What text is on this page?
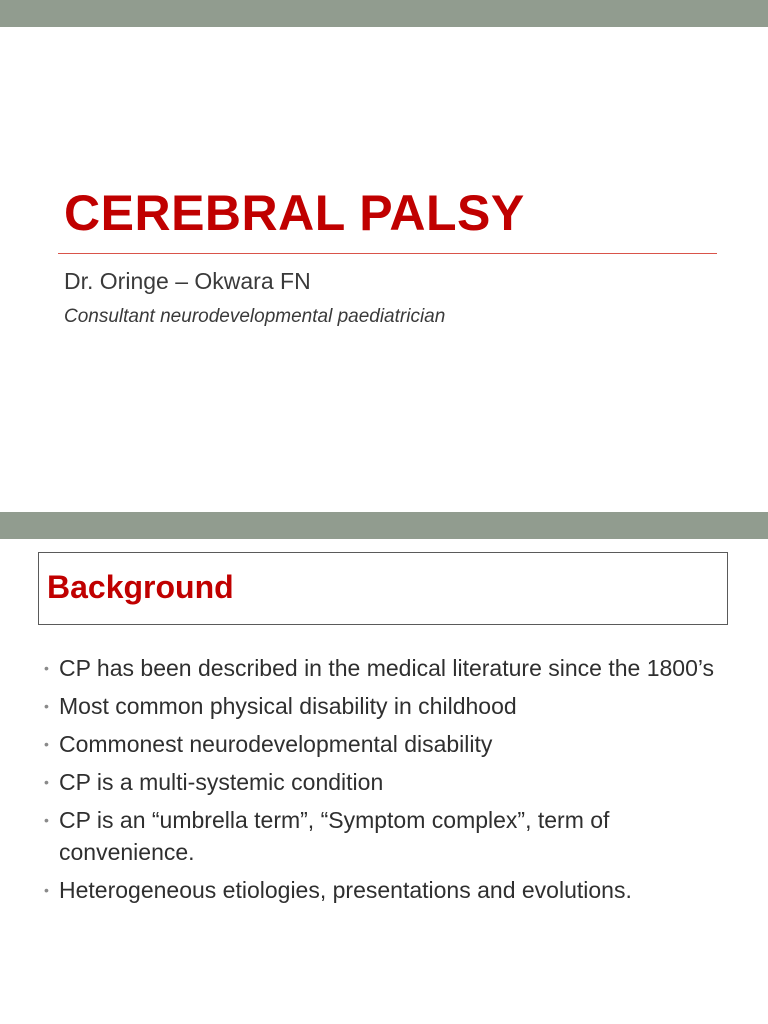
CEREBRAL PALSY

Dr. Oringe – Okwara FN

Consultant neurodevelopmental paediatrician

Background
• CP has been described in the medical literature since the 1800’s
• Most common physical disability in childhood
• Commonest neurodevelopmental disability
• CP is a multi-systemic condition
• CP is an “umbrella term”, “Symptom complex”, term of convenience.
• Heterogeneous etiologies, presentations and evolutions.
